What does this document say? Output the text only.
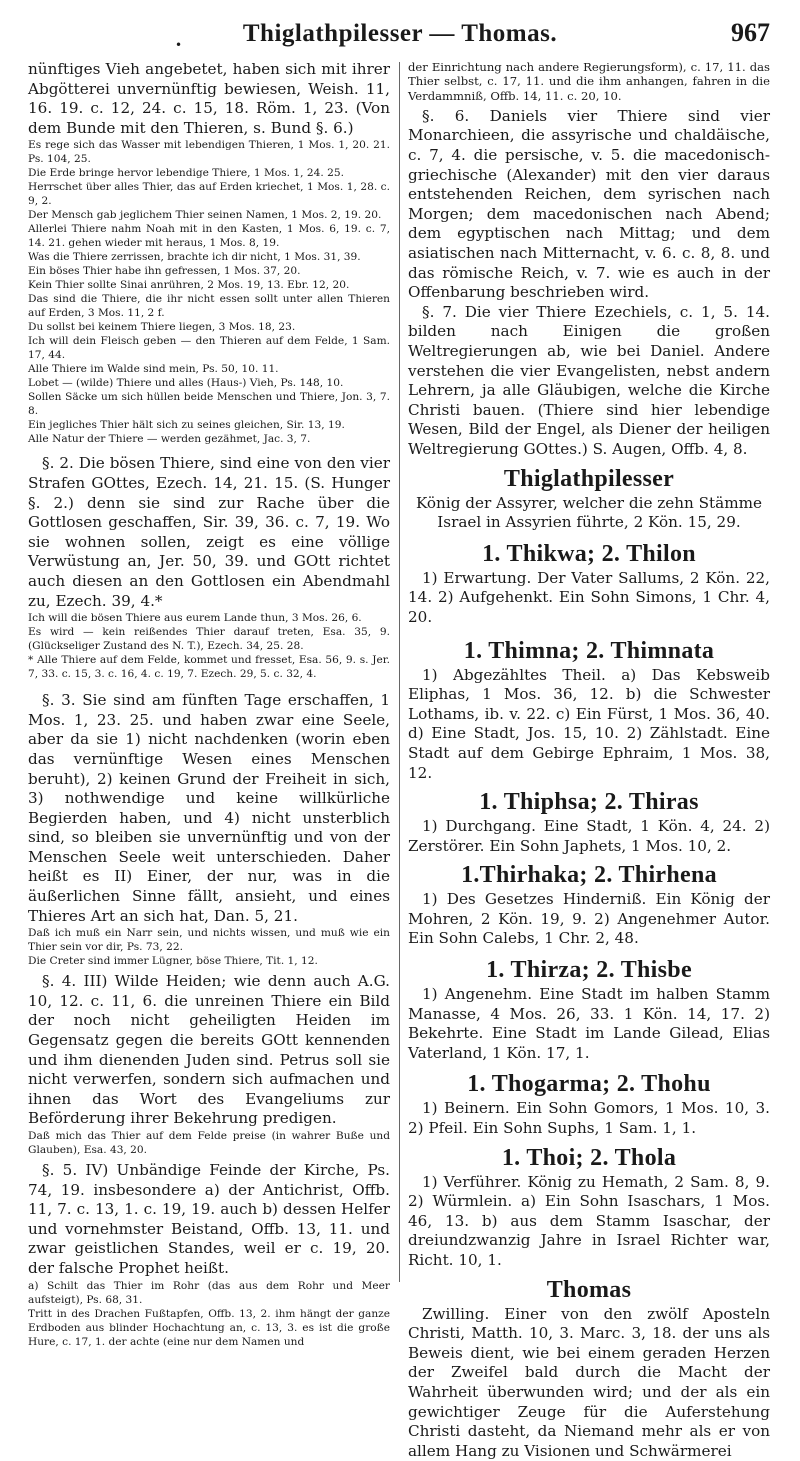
Thiglathpilesser — Thomas.	967
•

nünftiges Vieh angebetet, haben sich mit ihrer Abgötterei unvernünftig bewiesen, Weish. 11, 16. 19. c. 12, 24. c. 15, 18. Röm. 1, 23. (Von dem Bunde mit den Thieren, s. Bund §. 6.)

Es rege sich das Wasser mit lebendigen Thieren, 1 Mos. 1, 20. 21. Ps. 104, 25.

Die Erde bringe hervor lebendige Thiere, 1 Mos. 1, 24. 25.

Herrschet über alles Thier, das auf Erden kriechet, 1 Mos. 1, 28. c. 9, 2.

Der Mensch gab jeglichem Thier seinen Namen, 1 Mos. 2, 19. 20.

Allerlei Thiere nahm Noah mit in den Kasten, 1 Mos. 6, 19. c. 7, 14. 21. gehen wieder mit heraus, 1 Mos. 8, 19.

Was die Thiere zerrissen, brachte ich dir nicht, 1 Mos. 31, 39.

Ein böses Thier habe ihn gefressen, 1 Mos. 37, 20.

Kein Thier sollte Sinai anrühren, 2 Mos. 19, 13. Ebr. 12, 20.

Das sind die Thiere, die ihr nicht essen sollt unter allen Thieren auf Erden, 3 Mos. 11, 2 f.

Du sollst bei keinem Thiere liegen, 3 Mos. 18, 23.

Ich will dein Fleisch geben — den Thieren auf dem Felde, 1 Sam. 17, 44.

Alle Thiere im Walde sind mein, Ps. 50, 10. 11.

Lobet — (wilde) Thiere und alles (Haus-) Vieh, Ps. 148, 10.

Sollen Säcke um sich hüllen beide Menschen und Thiere, Jon. 3, 7. 8.

Ein jegliches Thier hält sich zu seines gleichen, Sir. 13, 19.

Alle Natur der Thiere — werden gezähmet, Jac. 3, 7.

§. 2. Die bösen Thiere, sind eine von den vier Strafen GOttes, Ezech. 14, 21. 15. (S. Hunger §. 2.) denn sie sind zur Rache über die Gottlosen geschaffen, Sir. 39, 36. c. 7, 19. Wo sie wohnen sollen, zeigt es eine völlige Verwüstung an, Jer. 50, 39. und GOtt richtet auch diesen an den Gottlosen ein Abendmahl zu, Ezech. 39, 4.*

Ich will die bösen Thiere aus eurem Lande thun, 3 Mos. 26, 6.

Es wird — kein reißendes Thier darauf treten, Esa. 35, 9. (Glückseliger Zustand des N. T.), Ezech. 34, 25. 28.

* Alle Thiere auf dem Felde, kommet und fresset, Esa. 56, 9. s. Jer. 7, 33. c. 15, 3. c. 16, 4. c. 19, 7. Ezech. 29, 5. c. 32, 4.

§. 3. Sie sind am fünften Tage erschaffen, 1 Mos. 1, 23. 25. und haben zwar eine Seele, aber da sie 1) nicht nachdenken (worin eben das vernünftige Wesen eines Menschen beruht), 2) keinen Grund der Freiheit in sich, 3) nothwendige und keine willkürliche Begierden haben, und 4) nicht unsterblich sind, so bleiben sie unvernünftig und von der Menschen Seele weit unterschieden. Daher heißt es II) Einer, der nur, was in die äußerlichen Sinne fällt, ansieht, und eines Thieres Art an sich hat, Dan. 5, 21.

Daß ich muß ein Narr sein, und nichts wissen, und muß wie ein Thier sein vor dir, Ps. 73, 22.

Die Creter sind immer Lügner, böse Thiere, Tit. 1, 12.

§. 4. III) Wilde Heiden; wie denn auch A.G. 10, 12. c. 11, 6. die unreinen Thiere ein Bild der noch nicht geheiligten Heiden im Gegensatz gegen die bereits GOtt kennenden und ihm dienenden Juden sind. Petrus soll sie nicht verwerfen, sondern sich aufmachen und ihnen das Wort des Evangeliums zur Beförderung ihrer Bekehrung predigen.

Daß mich das Thier auf dem Felde preise (in wahrer Buße und Glauben), Esa. 43, 20.

§. 5. IV) Unbändige Feinde der Kirche, Ps. 74, 19. insbesondere a) der Antichrist, Offb. 11, 7. c. 13, 1. c. 19, 19. auch b) dessen Helfer und vornehmster Beistand, Offb. 13, 11. und zwar geistlichen Standes, weil er c. 19, 20. der falsche Prophet heißt.

a) Schilt das Thier im Rohr (das aus dem Rohr und Meer aufsteigt), Ps. 68, 31.

Tritt in des Drachen Fußtapfen, Offb. 13, 2. ihm hängt der ganze Erdboden aus blinder Hochachtung an, c. 13, 3. es ist die große Hure, c. 17, 1. der achte (eine nur dem Namen und

der Einrichtung nach andere Regierungsform), c. 17, 11. das Thier selbst, c. 17, 11. und die ihm anhangen, fahren in die Verdammniß, Offb. 14, 11. c. 20, 10.

§. 6. Daniels vier Thiere sind vier Monarchieen, die assyrische und chaldäische, c. 7, 4. die persische, v. 5. die macedonisch-griechische (Alexander) mit den vier daraus entstehenden Reichen, dem syrischen nach Morgen; dem macedonischen nach Abend; dem egyptischen nach Mittag; und dem asiatischen nach Mitternacht, v. 6. c. 8, 8. und das römische Reich, v. 7. wie es auch in der Offenbarung beschrieben wird.

§. 7. Die vier Thiere Ezechiels, c. 1, 5. 14. bilden nach Einigen die großen Weltregierungen ab, wie bei Daniel. Andere verstehen die vier Evangelisten, nebst andern Lehrern, ja alle Gläubigen, welche die Kirche Christi bauen. (Thiere sind hier lebendige Wesen, Bild der Engel, als Diener der heiligen Weltregierung GOttes.) S. Augen, Offb. 4, 8.

Thiglathpilesser

König der Assyrer, welcher die zehn Stämme Israel in Assyrien führte, 2 Kön. 15, 29.

1. Thikwa; 2. Thilon

1) Erwartung. Der Vater Sallums, 2 Kön. 22, 14. 2) Aufgehenkt. Ein Sohn Simons, 1 Chr. 4, 20.

1. Thimna; 2. Thimnata

1) Abgezähltes Theil. a) Das Kebsweib Eliphas, 1 Mos. 36, 12. b) die Schwester Lothams, ib. v. 22. c) Ein Fürst, 1 Mos. 36, 40. d) Eine Stadt, Jos. 15, 10. 2) Zählstadt. Eine Stadt auf dem Gebirge Ephraim, 1 Mos. 38, 12.

1. Thiphsa; 2. Thiras

1) Durchgang. Eine Stadt, 1 Kön. 4, 24. 2) Zerstörer. Ein Sohn Japhets, 1 Mos. 10, 2.

1.Thirhaka; 2. Thirhena

1) Des Gesetzes Hinderniß. Ein König der Mohren, 2 Kön. 19, 9. 2) Angenehmer Autor. Ein Sohn Calebs, 1 Chr. 2, 48.

1. Thirza; 2. Thisbe

1) Angenehm. Eine Stadt im halben Stamm Manasse, 4 Mos. 26, 33. 1 Kön. 14, 17. 2) Bekehrte. Eine Stadt im Lande Gilead, Elias Vaterland, 1 Kön. 17, 1.

1. Thogarma; 2. Thohu

1) Beinern. Ein Sohn Gomors, 1 Mos. 10, 3. 2) Pfeil. Ein Sohn Suphs, 1 Sam. 1, 1.

1. Thoi; 2. Thola

1) Verführer. König zu Hemath, 2 Sam. 8, 9. 2) Würmlein. a) Ein Sohn Isaschars, 1 Mos. 46, 13. b) aus dem Stamm Isaschar, der dreiundzwanzig Jahre in Israel Richter war, Richt. 10, 1.

Thomas

Zwilling. Einer von den zwölf Aposteln Christi, Matth. 10, 3. Marc. 3, 18. der uns als Beweis dient, wie bei einem geraden Herzen der Zweifel bald durch die Macht der Wahrheit überwunden wird; und der als ein gewichtiger Zeuge für die Auferstehung Christi dasteht, da Niemand mehr als er von allem Hang zu Visionen und Schwärmerei
